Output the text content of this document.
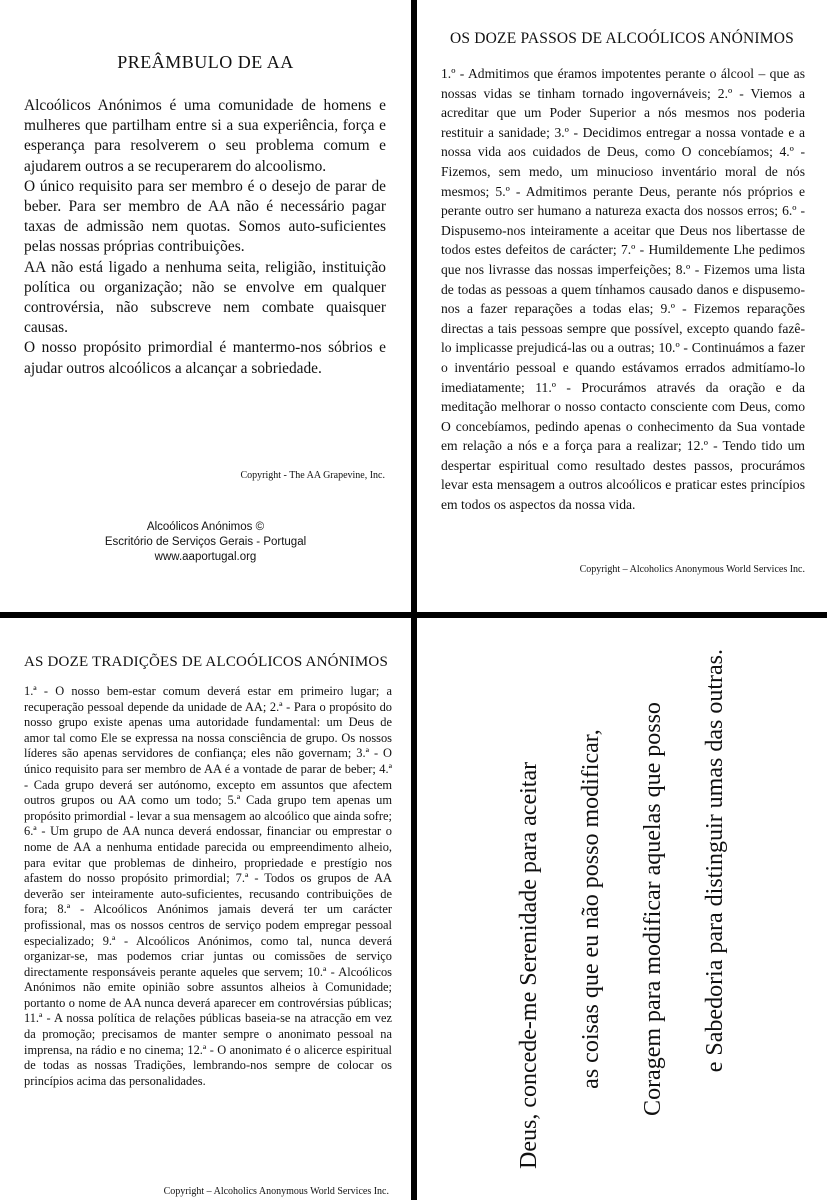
PREÂMBULO DE AA

Alcoólicos Anónimos é uma comunidade de homens e mulheres que partilham entre si a sua experiência, força e esperança para resolverem o seu problema comum e ajudarem outros a se recuperarem do alcoolismo.

O único requisito para ser membro é o desejo de parar de beber. Para ser membro de AA não é necessário pagar taxas de admissão nem quotas. Somos auto-suficientes pelas nossas próprias contribuições.

AA não está ligado a nenhuma seita, religião, instituição política ou organização; não se envolve em qualquer controvérsia, não subscreve nem combate quaisquer causas.

O nosso propósito primordial é mantermo-nos sóbrios e ajudar outros alcoólicos a alcançar a sobriedade.

Copyright - The AA Grapevine, Inc.
Alcoólicos Anónimos ©
Escritório de Serviços Gerais - Portugal
www.aaportugal.org
OS DOZE PASSOS DE ALCOÓLICOS ANÓNIMOS
1.º - Admitimos que éramos impotentes perante o álcool – que as nossas vidas se tinham tornado ingovernáveis; 2.º - Viemos a acreditar que um Poder Superior a nós mesmos nos poderia restituir a sanidade; 3.º - Decidimos entregar a nossa vontade e a nossa vida aos cuidados de Deus, como O concebíamos; 4.º - Fizemos, sem medo, um minucioso inventário moral de nós mesmos; 5.º - Admitimos perante Deus, perante nós próprios e perante outro ser humano a natureza exacta dos nossos erros; 6.º - Dispusemo-nos inteiramente a aceitar que Deus nos libertasse de todos estes defeitos de carácter; 7.º - Humildemente Lhe pedimos que nos livrasse das nossas imperfeições; 8.º - Fizemos uma lista de todas as pessoas a quem tínhamos causado danos e dispusemo-nos a fazer reparações a todas elas; 9.º - Fizemos reparações directas a tais pessoas sempre que possível, excepto quando fazê-lo implicasse prejudicá-las ou a outras; 10.º - Continuámos a fazer o inventário pessoal e quando estávamos errados admitíamo-lo imediatamente; 11.º - Procurámos através da oração e da meditação melhorar o nosso contacto consciente com Deus, como O concebíamos, pedindo apenas o conhecimento da Sua vontade em relação a nós e a força para a realizar; 12.º - Tendo tido um despertar espiritual como resultado destes passos, procurámos levar esta mensagem a outros alcoólicos e praticar estes princípios em todos os aspectos da nossa vida.
Copyright – Alcoholics Anonymous World Services Inc.
AS DOZE TRADIÇÕES DE ALCOÓLICOS ANÓNIMOS
1.ª - O nosso bem-estar comum deverá estar em primeiro lugar; a recuperação pessoal depende da unidade de AA; 2.ª - Para o propósito do nosso grupo existe apenas uma autoridade fundamental: um Deus de amor tal como Ele se expressa na nossa consciência de grupo. Os nossos líderes são apenas servidores de confiança; eles não governam; 3.ª - O único requisito para ser membro de AA é a vontade de parar de beber; 4.ª - Cada grupo deverá ser autónomo, excepto em assuntos que afectem outros grupos ou AA como um todo; 5.ª Cada grupo tem apenas um propósito primordial - levar a sua mensagem ao alcoólico que ainda sofre; 6.ª - Um grupo de AA nunca deverá endossar, financiar ou emprestar o nome de AA a nenhuma entidade parecida ou empreendimento alheio, para evitar que problemas de dinheiro, propriedade e prestígio nos afastem do nosso propósito primordial; 7.ª - Todos os grupos de AA deverão ser inteiramente auto-suficientes, recusando contribuições de fora; 8.ª - Alcoólicos Anónimos jamais deverá ter um carácter profissional, mas os nossos centros de serviço podem empregar pessoal especializado; 9.ª - Alcoólicos Anónimos, como tal, nunca deverá organizar-se, mas podemos criar juntas ou comissões de serviço directamente responsáveis perante aqueles que servem; 10.ª - Alcoólicos Anónimos não emite opinião sobre assuntos alheios à Comunidade; portanto o nome de AA nunca deverá aparecer em controvérsias públicas; 11.ª - A nossa política de relações públicas baseia-se na atracção em vez da promoção; precisamos de manter sempre o anonimato pessoal na imprensa, na rádio e no cinema; 12.ª - O anonimato é o alicerce espiritual de todas as nossas Tradições, lembrando-nos sempre de colocar os princípios acima das personalidades.
Copyright – Alcoholics Anonymous World Services Inc.
Deus, concede-me Serenidade para aceitar	as coisas que eu não posso modificar,	Coragem para modificar aquelas que posso	e Sabedoria para distinguir umas das outras.
